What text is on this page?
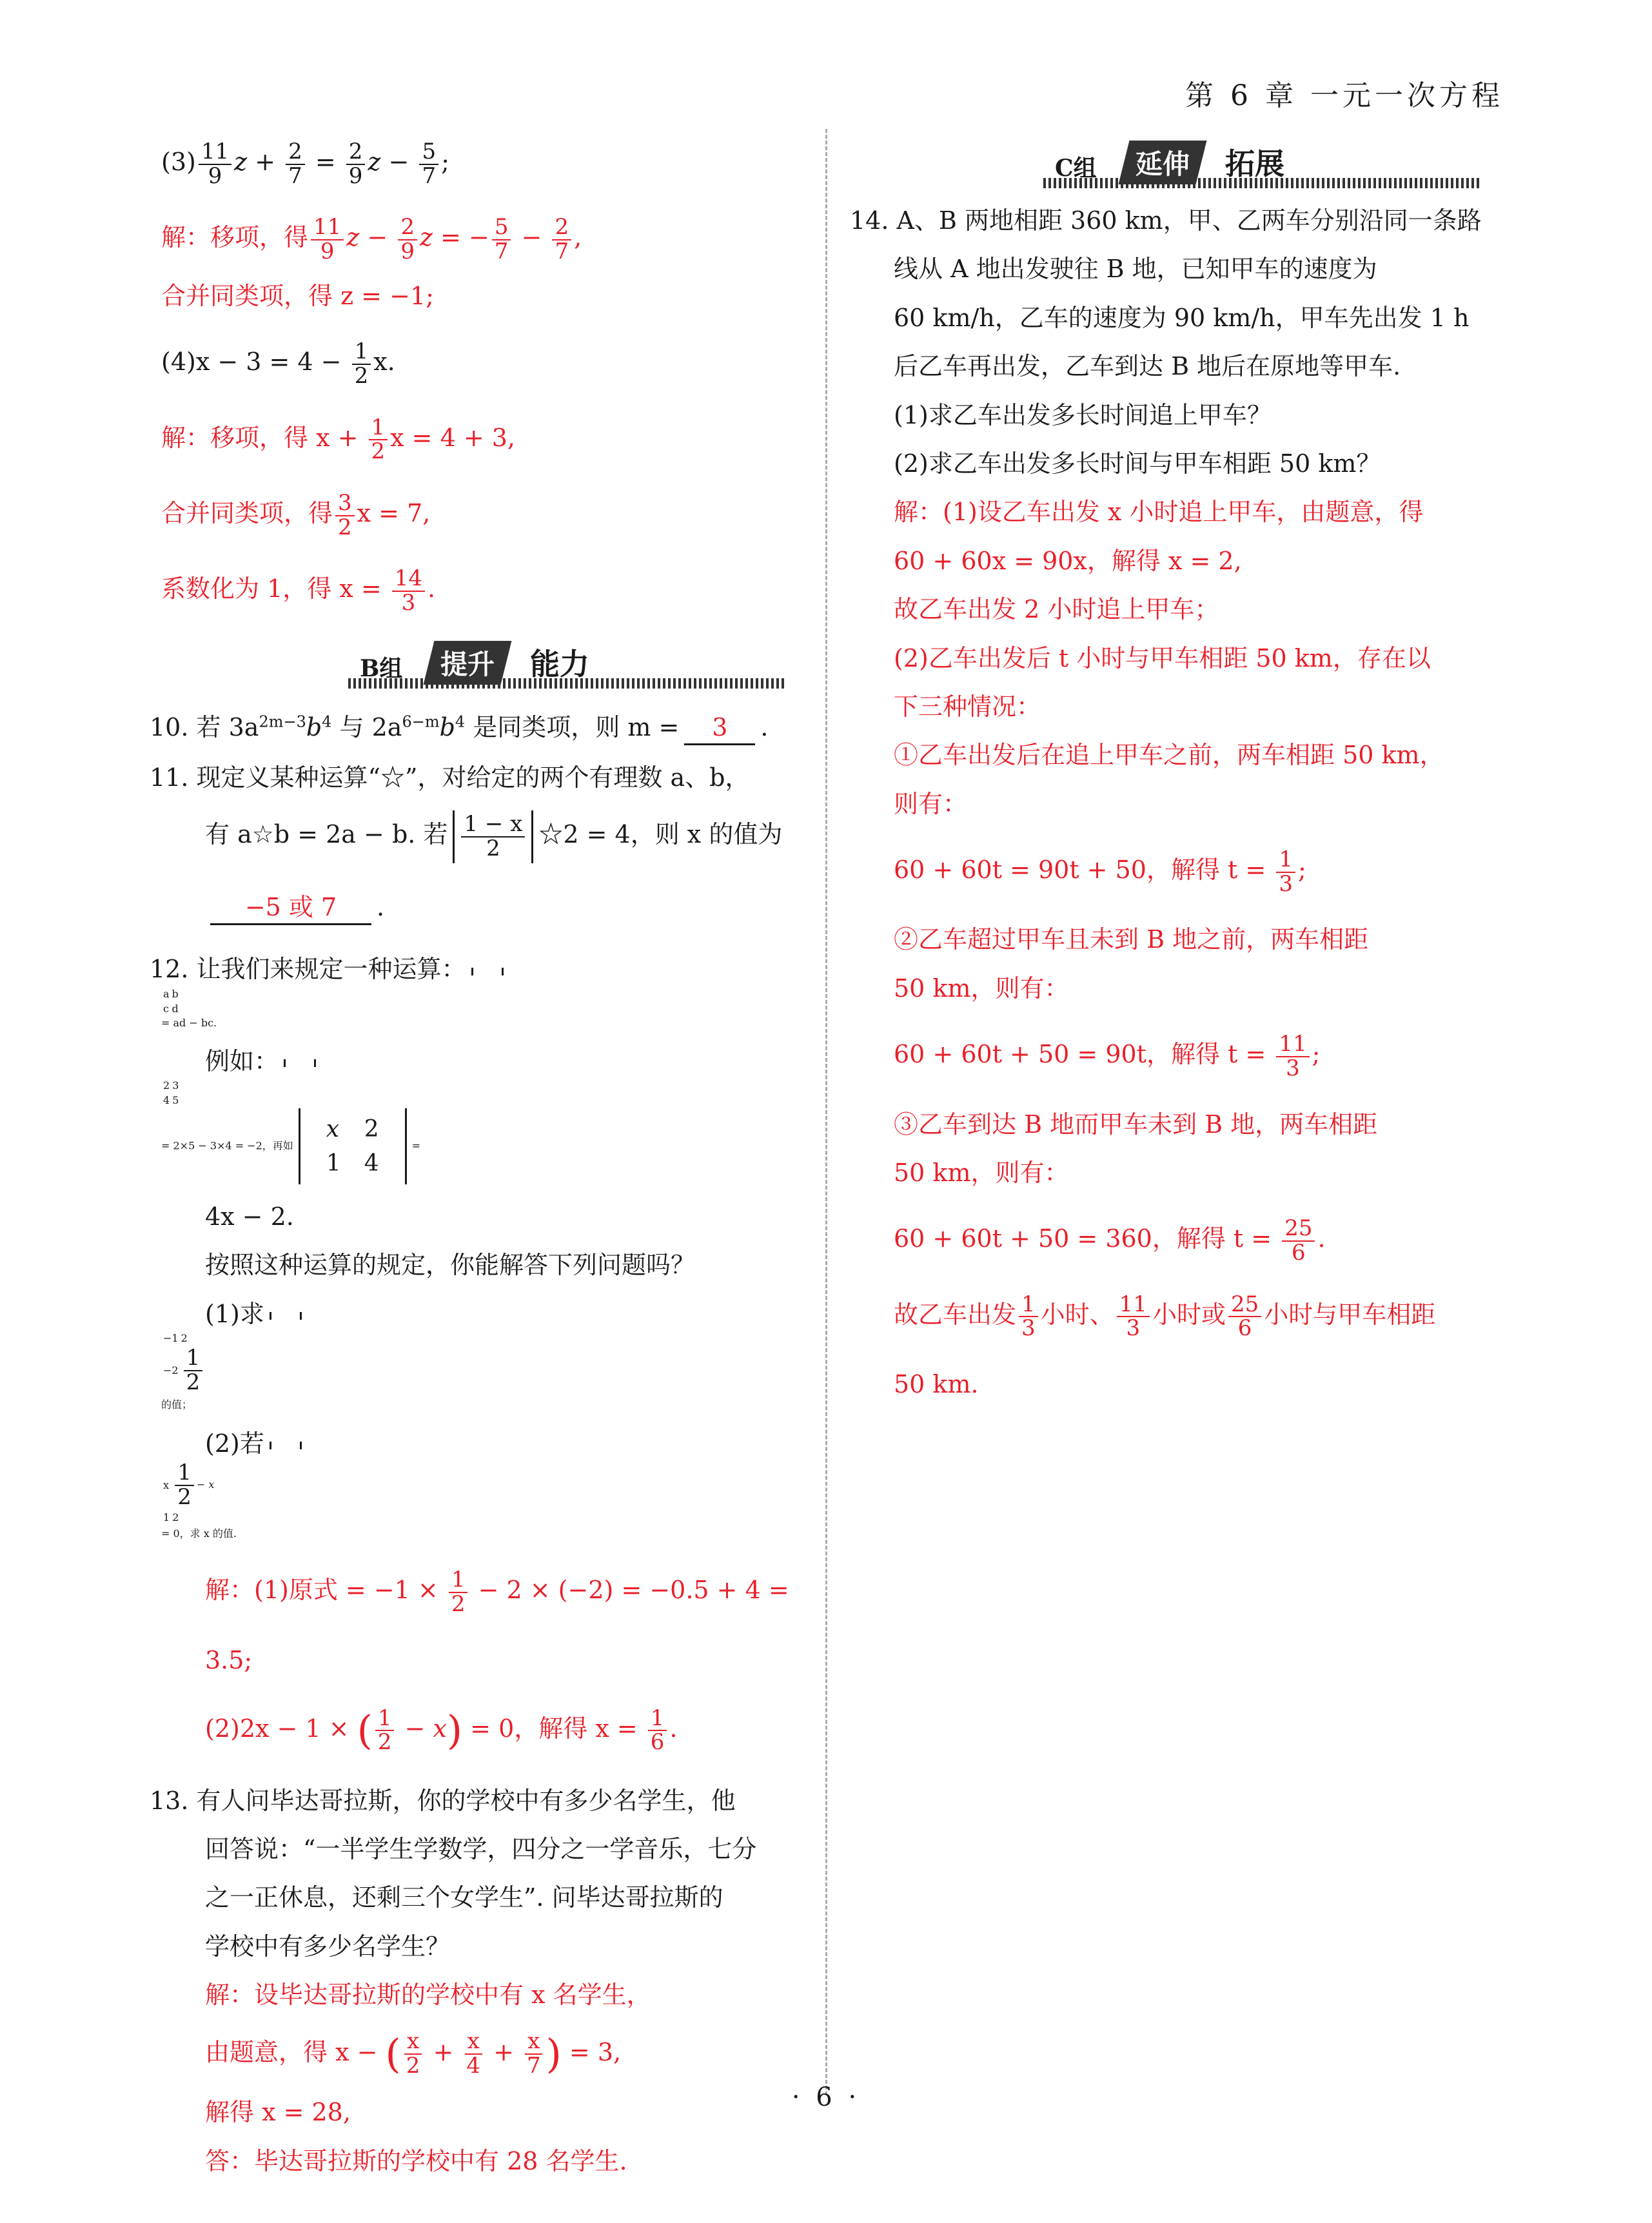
第 6 章 一元一次方程

$(3) \frac{11}{9}$ $z + \frac{2}{7} = \frac{2}{9}$ $z - \frac{5}{7}$ ;

解：移项，得 $\frac{11}{9}$ $z - \frac{2}{9}$ z = − $\frac{5}{7} - \frac{2}{7}$ ,

合并同类项，得 z = −1;

$(4)x - 3 = 4 - \frac{1}{2} x$.

解：移项，得 $x + \frac{1}{2}$ x = 4 + 3,

合并同类项，得 $\frac{3}{2}$ x = 7,

系数化为 1，得 $x = \frac{14}{3}$ .

B组	提升	能力

10. 若 $3a^{2m-3}b^4$ 与 $2a^{6-m}b^4$ 是同类项，则 m = 3 .

11. 现定义某种运算“☆”，对给定的两个有理数 a、b，

有 a☆b = 2a − b. 若 $\frac{1 - x}{2}$ ☆2 = 4，则 x 的值为

−5 或 7 .

12. 让我们来规定一种运算：

a	b
c	d
= ad − bc.

例如：

2	3
4	5
= 2×5 − 3×4 = −2，再如
x	2
1	4
=

4x − 2.

按照这种运算的规定，你能解答下列问题吗？

(1)求

−1	2
−2	$\frac{1}{2}$
的值；

(2)若

x	$\frac{1}{2} - x$
1	2
= 0，求 x 的值.

解：(1)原式 = $-1 \times \frac{1}{2} - 2 \times (-2) = -0.5 + 4$ =

3.5;

(2)2x − 1 × ( $\frac{1}{2} - x) = 0$，解得 $x = \frac{1}{6}$ .

13. 有人问毕达哥拉斯，你的学校中有多少名学生，他

回答说：“一半学生学数学，四分之一学音乐，七分

之一正休息，还剩三个女学生”. 问毕达哥拉斯的

学校中有多少名学生？

解：设毕达哥拉斯的学校中有 x 名学生，

由题意，得 x − ( $\frac{x}{2} + \frac{x}{4} + \frac{x}{7}$ ) = 3,

解得 x = 28,

答：毕达哥拉斯的学校中有 28 名学生.

C组	延伸	拓展

14. A、B 两地相距 360 km，甲、乙两车分别沿同一条路

线从 A 地出发驶往 B 地，已知甲车的速度为

60 km/h，乙车的速度为 90 km/h，甲车先出发 1 h

后乙车再出发，乙车到达 B 地后在原地等甲车.

(1)求乙车出发多长时间追上甲车？

(2)求乙车出发多长时间与甲车相距 50 km？

解：(1)设乙车出发 x 小时追上甲车，由题意，得

60 + 60x = 90x，解得 x = 2,

故乙车出发 2 小时追上甲车；

(2)乙车出发后 t 小时与甲车相距 50 km，存在以

下三种情况：

①乙车出发后在追上甲车之前，两车相距 50 km，

则有：

60 + 60t = 90t + 50，解得 $t = \frac{1}{3}$ ;

②乙车超过甲车且未到 B 地之前，两车相距

50 km，则有：

60 + 60t + 50 = 90t，解得 $t = \frac{11}{3}$ ;

③乙车到达 B 地而甲车未到 B 地，两车相距

50 km，则有：

60 + 60t + 50 = 360，解得 $t = \frac{25}{6}$ .

故乙车出发 $\frac{1}{3}$ 小时、 $\frac{11}{3}$ 小时或 $\frac{25}{6}$ 小时与甲车相距

50 km.

· 6 ·
